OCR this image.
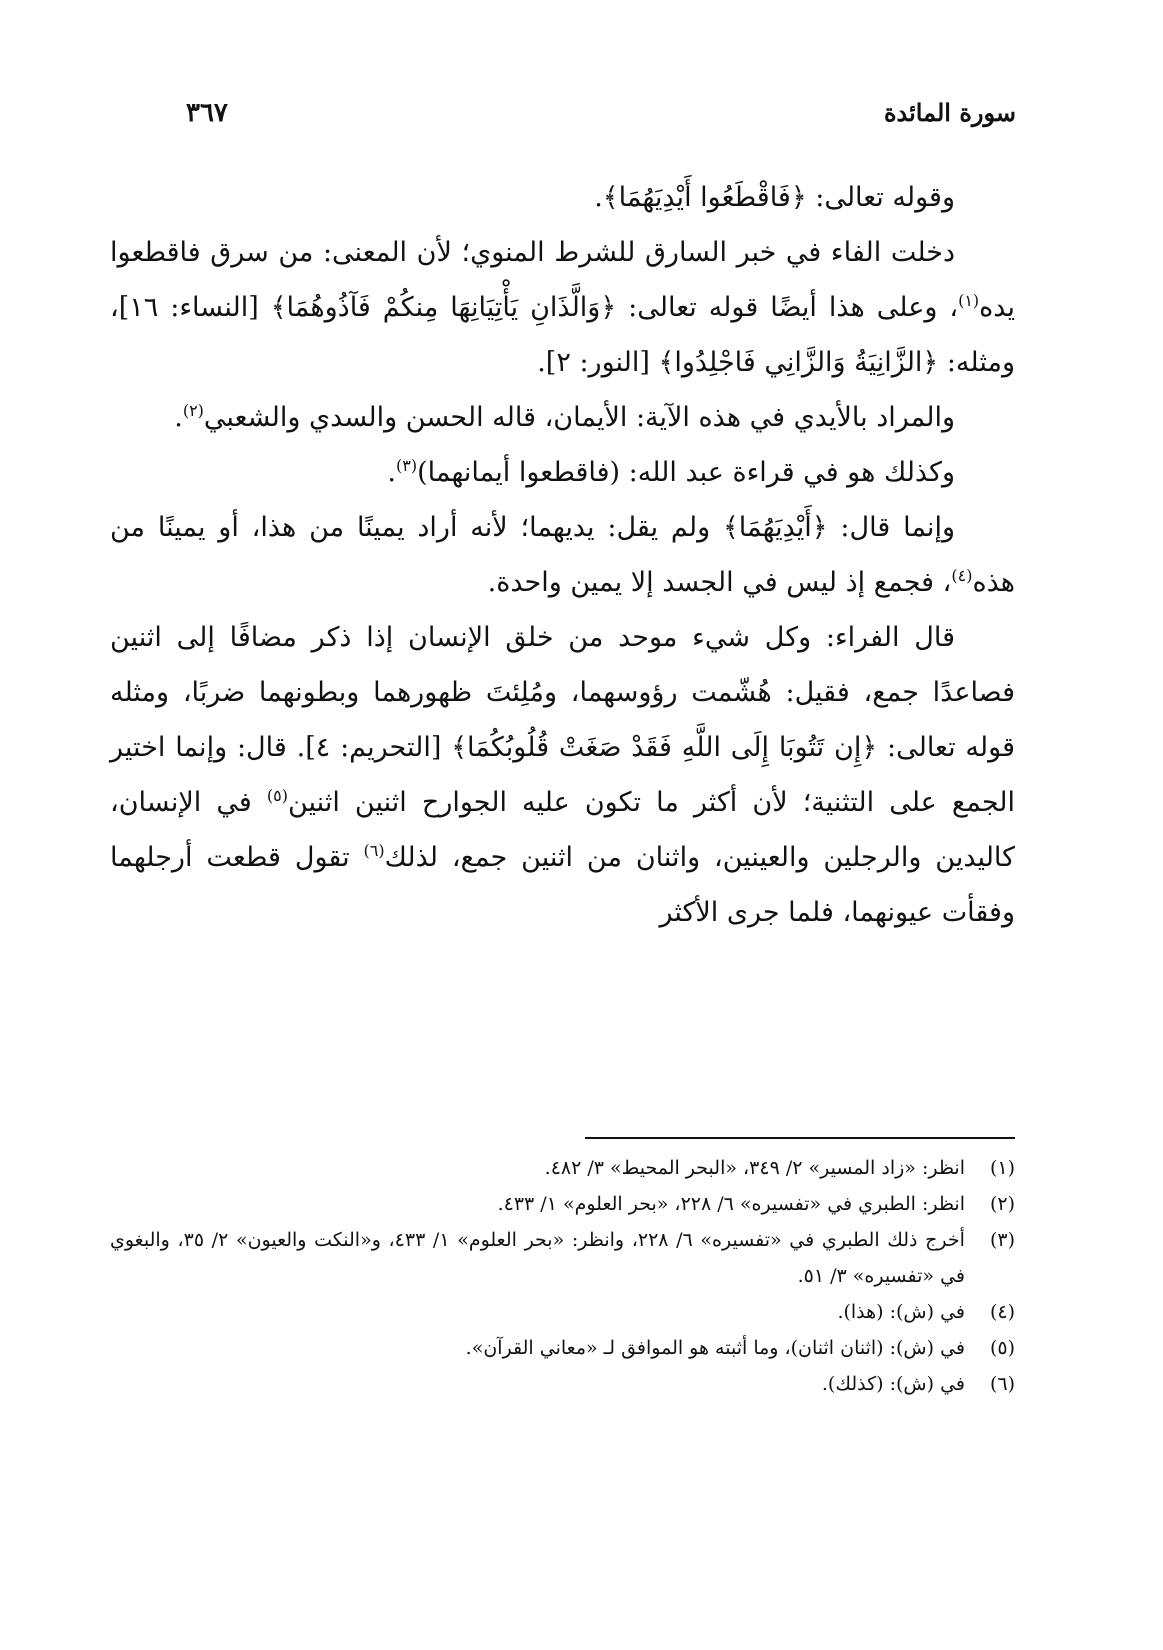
سورة المائدة
٣٦٧

وقوله تعالى: ﴿فَاقْطَعُوا أَيْدِيَهُمَا﴾.

دخلت الفاء في خبر السارق للشرط المنوي؛ لأن المعنى: من سرق فاقطعوا يده$^{(١)}$، وعلى هذا أيضًا قوله تعالى: ﴿وَالَّذَانِ يَأْتِيَانِهَا مِنكُمْ فَآذُوهُمَا﴾ [النساء: ١٦]، ومثله: ﴿الزَّانِيَةُ وَالزَّانِي فَاجْلِدُوا﴾ [النور: ٢].

والمراد بالأيدي في هذه الآية: الأيمان، قاله الحسن والسدي والشعبي$^{(٢)}$.

وكذلك هو في قراءة عبد الله: (فاقطعوا أيمانهما)$^{(٣)}$.

وإنما قال: ﴿أَيْدِيَهُمَا﴾ ولم يقل: يديهما؛ لأنه أراد يمينًا من هذا، أو يمينًا من هذه$^{(٤)}$، فجمع إذ ليس في الجسد إلا يمين واحدة.

قال الفراء: وكل شيء موحد من خلق الإنسان إذا ذكر مضافًا إلى اثنين فصاعدًا جمع، فقيل: هُشّمت رؤوسهما، ومُلِئتَ ظهورهما وبطونهما ضربًا، ومثله قوله تعالى: ﴿إِن تَتُوبَا إِلَى اللَّهِ فَقَدْ صَغَتْ قُلُوبُكُمَا﴾ [التحريم: ٤]. قال: وإنما اختير الجمع على التثنية؛ لأن أكثر ما تكون عليه الجوارح اثنين اثنين$^{(٥)}$ في الإنسان، كاليدين والرجلين والعينين، واثنان من اثنين جمع، لذلك$^{(٦)}$ تقول قطعت أرجلهما وفقأت عيونهما، فلما جرى الأكثر

(١)
انظر: «زاد المسير» ٢/ ٣٤٩، «البحر المحيط» ٣/ ٤٨٢.
(٢)
انظر: الطبري في «تفسيره» ٦/ ٢٢٨، «بحر العلوم» ١/ ٤٣٣.
(٣)
أخرج ذلك الطبري في «تفسيره» ٦/ ٢٢٨، وانظر: «بحر العلوم» ١/ ٤٣٣، و«النكت والعيون» ٢/ ٣٥، والبغوي في «تفسيره» ٣/ ٥١.
(٤)
في (ش): (هذا).
(٥)
في (ش): (اثنان اثنان)، وما أثبته هو الموافق لـ «معاني القرآن».
(٦)
في (ش): (كذلك).
